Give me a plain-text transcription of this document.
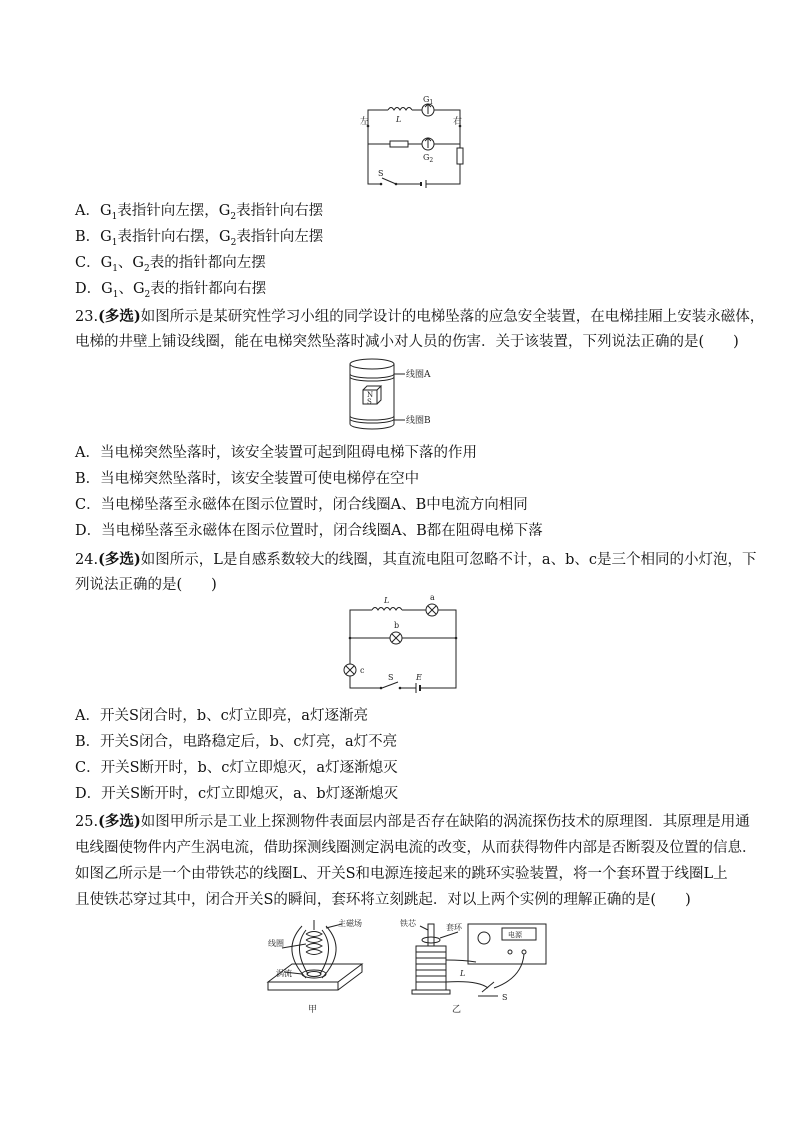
左	右
L
$G_1$
$G_2$
S
A．$G_1$表指针向左摆，$G_2$表指针向右摆
B．$G_1$表指针向右摆，$G_2$表指针向左摆
C．$G_1$、$G_2$表的指针都向左摆
D．$G_1$、$G_2$表的指针都向右摆
23.(多选)如图所示是某研究性学习小组的同学设计的电梯坠落的应急安全装置，在电梯挂厢上安装永磁体，
电梯的井壁上铺设线圈，能在电梯突然坠落时减小对人员的伤害．关于该装置，下列说法正确的是(　　)
N
S
线圈A
线圈B
A．当电梯突然坠落时，该安全装置可起到阻碍电梯下落的作用
B．当电梯突然坠落时，该安全装置可使电梯停在空中
C．当电梯坠落至永磁体在图示位置时，闭合线圈A、B中电流方向相同
D．当电梯坠落至永磁体在图示位置时，闭合线圈A、B都在阻碍电梯下落
24.(多选)如图所示，L是自感系数较大的线圈，其直流电阻可忽略不计，a、b、c是三个相同的小灯泡，下
列说法正确的是(　　)
L	a
b
c
S	E
A．开关S闭合时，b、c灯立即亮，a灯逐渐亮
B．开关S闭合，电路稳定后，b、c灯亮，a灯不亮
C．开关S断开时，b、c灯立即熄灭，a灯逐渐熄灭
D．开关S断开时，c灯立即熄灭，a、b灯逐渐熄灭
25.(多选)如图甲所示是工业上探测物件表面层内部是否存在缺陷的涡流探伤技术的原理图．其原理是用通
电线圈使物件内产生涡电流，借助探测线圈测定涡电流的改变，从而获得物件内部是否断裂及位置的信息．
如图乙所示是一个由带铁芯的线圈L、开关S和电源连接起来的跳环实验装置，将一个套环置于线圈L上
且使铁芯穿过其中，闭合开关S的瞬间，套环将立刻跳起．对以上两个实例的理解正确的是(　　)
主磁场
线圈
涡流
甲
铁芯	套环
电源
L
S
乙
